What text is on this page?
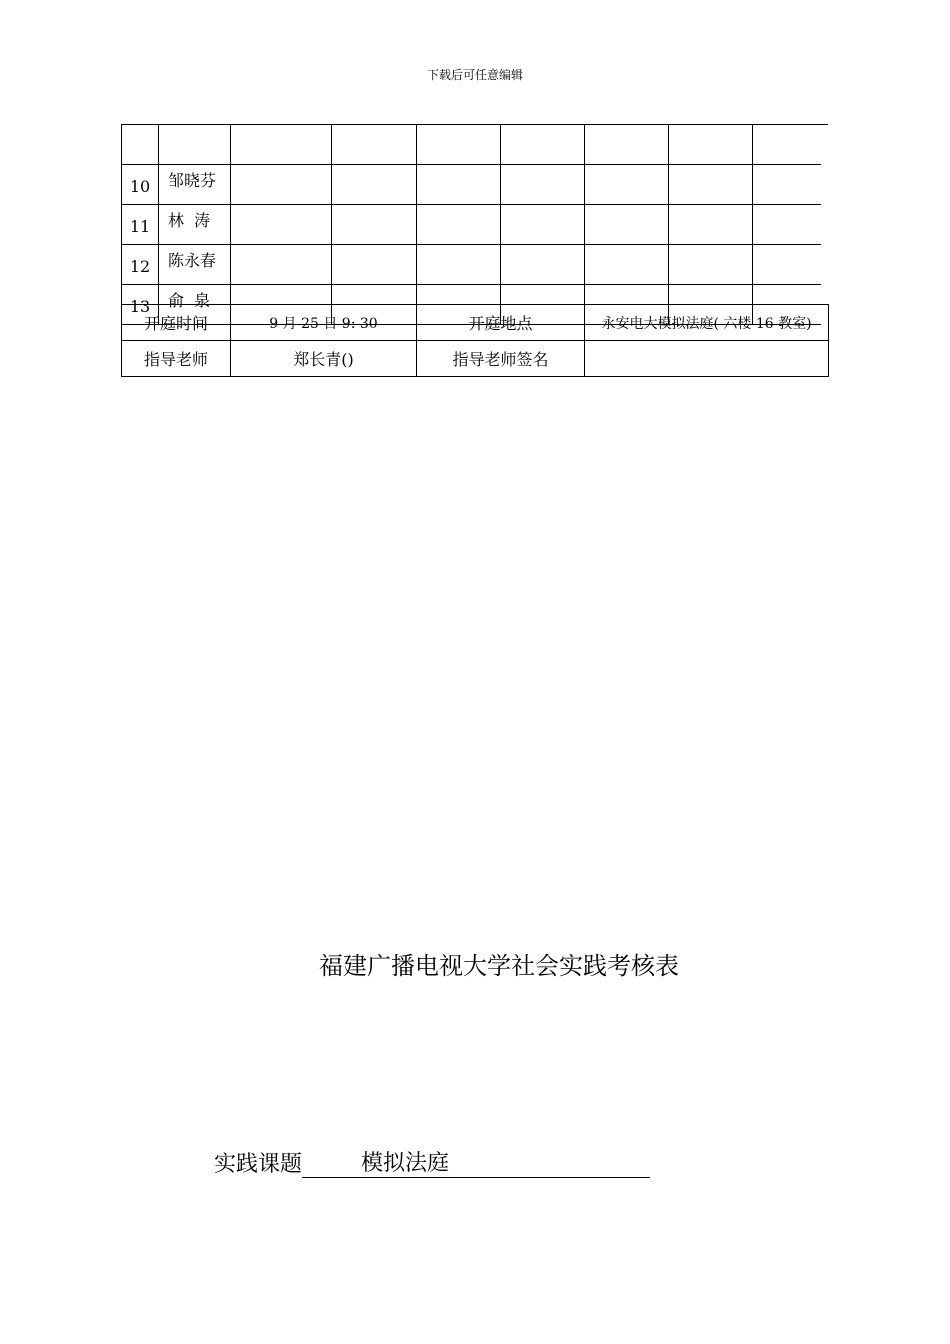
下载后可任意编辑

10	邹晓芬							
11	林  涛							
12	陈永春							
13	俞  泉							
开庭时间	9 月 25 日 9: 30	开庭地点	永安电大模拟法庭( 六楼 16 教室)
指导老师	郑长青()	指导老师签名	
福建广播电视大学社会实践考核表
实践课题	模拟法庭
